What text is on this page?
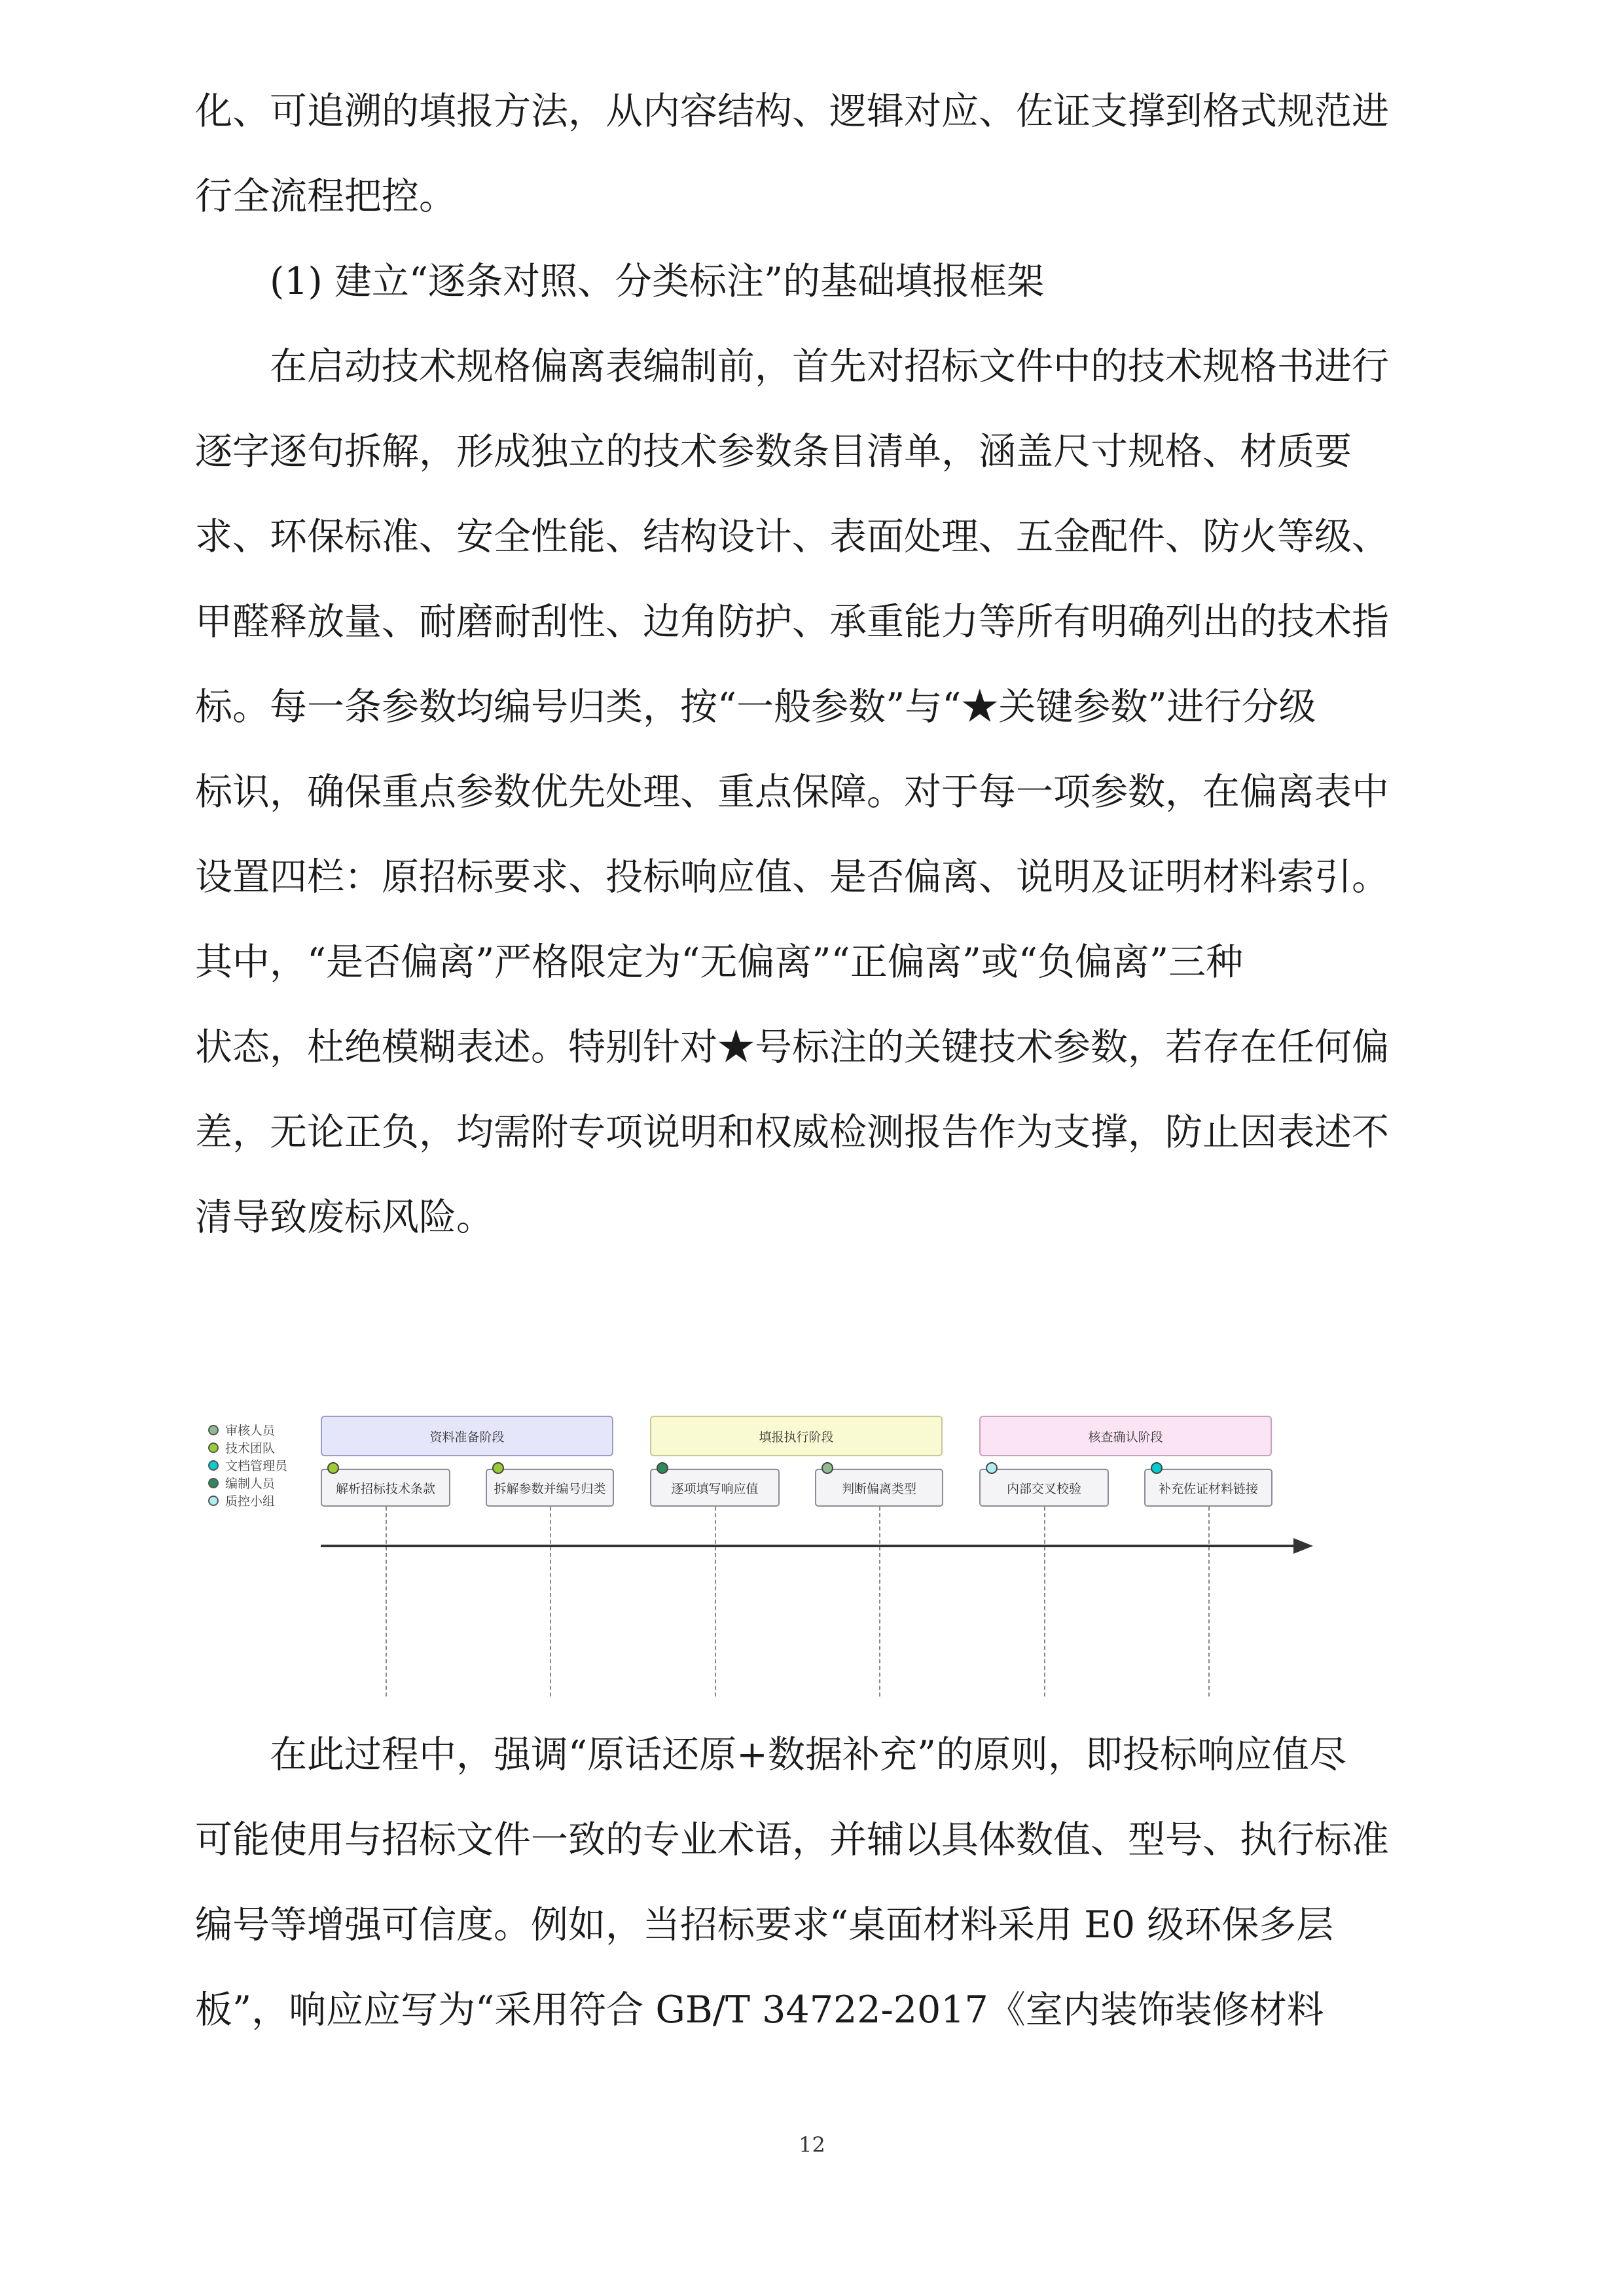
化、可追溯的填报方法，从内容结构、逻辑对应、佐证支撑到格式规范进
行全流程把控。
(1) 建立“逐条对照、分类标注”的基础填报框架
在启动技术规格偏离表编制前，首先对招标文件中的技术规格书进行
逐字逐句拆解，形成独立的技术参数条目清单，涵盖尺寸规格、材质要
求、环保标准、安全性能、结构设计、表面处理、五金配件、防火等级、
甲醛释放量、耐磨耐刮性、边角防护、承重能力等所有明确列出的技术指
标。每一条参数均编号归类，按“一般参数”与“★关键参数”进行分级
标识，确保重点参数优先处理、重点保障。对于每一项参数，在偏离表中
设置四栏：原招标要求、投标响应值、是否偏离、说明及证明材料索引。
其中，“是否偏离”严格限定为“无偏离”“正偏离”或“负偏离”三种
状态，杜绝模糊表述。特别针对★号标注的关键技术参数，若存在任何偏
差，无论正负，均需附专项说明和权威检测报告作为支撑，防止因表述不
清导致废标风险。
审核人员
技术团队
文档管理员
编制人员
质控小组
资料准备阶段	填报执行阶段	核查确认阶段
解析招标技术条款	拆解参数并编号归类	逐项填写响应值	判断偏离类型	内部交叉校验	补充佐证材料链接
在此过程中，强调“原话还原+数据补充”的原则，即投标响应值尽
可能使用与招标文件一致的专业术语，并辅以具体数值、型号、执行标准
编号等增强可信度。例如，当招标要求“桌面材料采用 E0 级环保多层
板”，响应应写为“采用符合 GB/T 34722-2017《室内装饰装修材料
12
